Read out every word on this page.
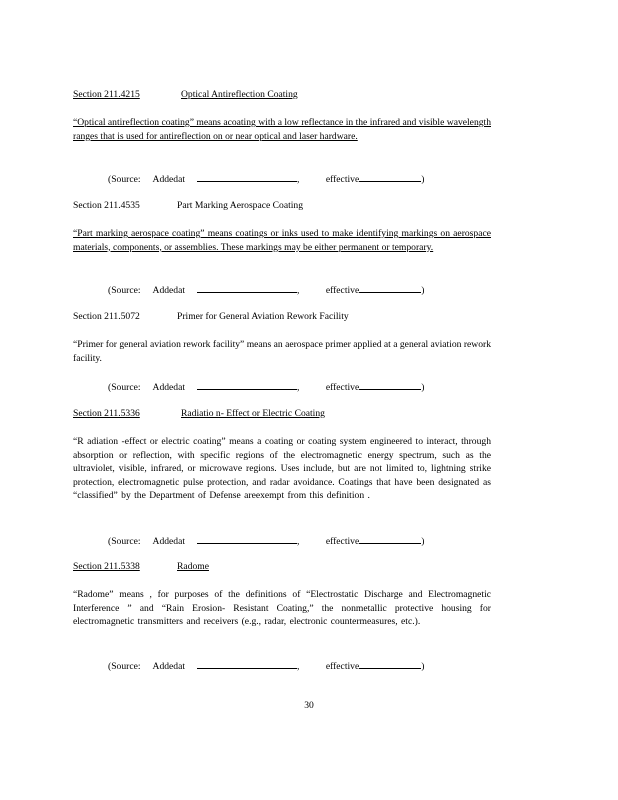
Section 211.4215	Optical Antireflection Coating
“Optical antireflection coating” means acoating with a low reflectance in the infrared and visible wavelength ranges that is used for antireflection on or near optical and laser hardware.
(Source: Addedat	,	effective	)
Section 211.4535	Part Marking Aerospace Coating
“Part marking aerospace coating” means coatings or inks used to make identifying markings on aerospace materials, components, or assemblies. These markings may be either permanent or temporary.
(Source: Addedat	,	effective	)
Section 211.5072	Primer for General Aviation Rework Facility
“Primer for general aviation rework facility” means an aerospace primer applied at a general aviation rework facility.
(Source: Addedat	,	effective	)
Section 211.5336	Radiatio n- Effect or Electric Coating
“R adiation -effect or electric coating” means a coating or coating system engineered to interact, through absorption or reflection, with specific regions of the electromagnetic energy spectrum, such as the ultraviolet, visible, infrared, or microwave regions. Uses include, but are not limited to, lightning strike protection, electromagnetic pulse protection, and radar avoidance. Coatings that have been designated as “classified” by the Department of Defense areexempt from this definition .
(Source: Addedat	,	effective	)
Section 211.5338	Radome
“Radome” means , for purposes of the definitions of “Electrostatic Discharge and Electromagnetic Interference ” and “Rain Erosion- Resistant Coating,” the nonmetallic protective housing for electromagnetic transmitters and receivers (e.g., radar, electronic countermeasures, etc.).
(Source: Addedat	,	effective	)
30
